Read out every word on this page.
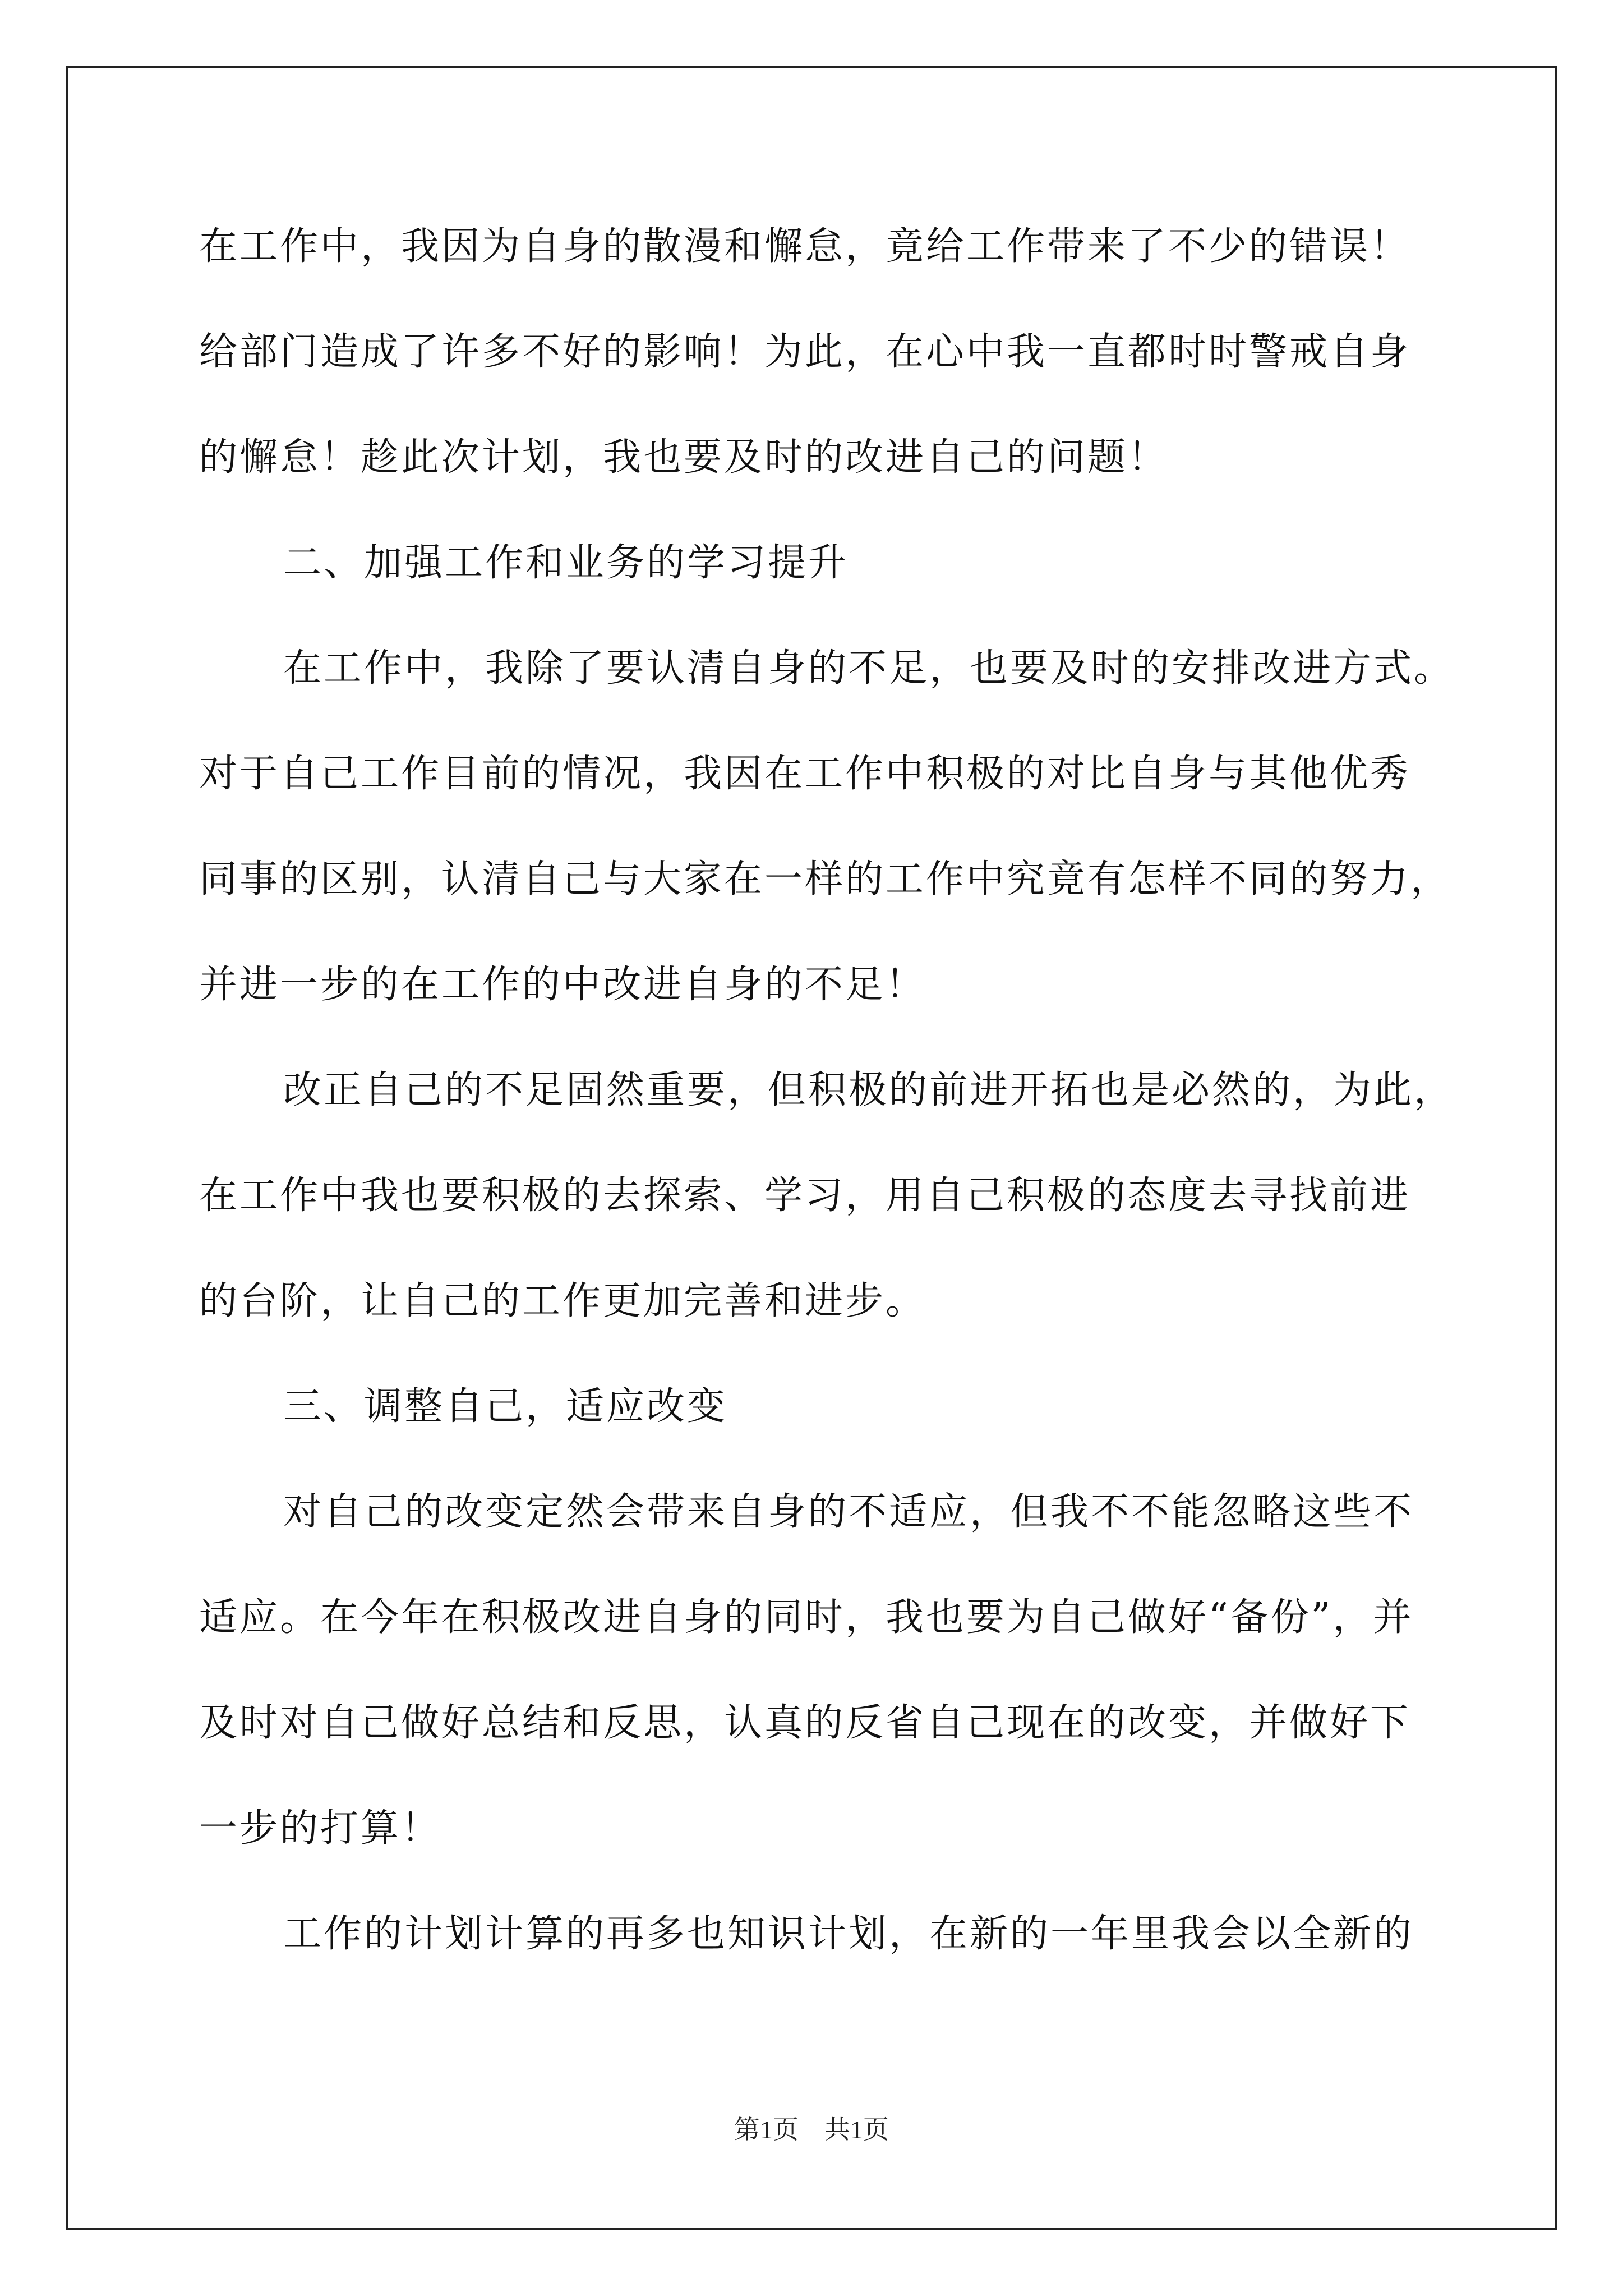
在工作中，我因为自身的散漫和懈怠，竟给工作带来了不少的错误！
给部门造成了许多不好的影响！为此，在心中我一直都时时警戒自身
的懈怠！趁此次计划，我也要及时的改进自己的问题！
二、加强工作和业务的学习提升
在工作中，我除了要认清自身的不足，也要及时的安排改进方式。
对于自己工作目前的情况，我因在工作中积极的对比自身与其他优秀
同事的区别，认清自己与大家在一样的工作中究竟有怎样不同的努力，
并进一步的在工作的中改进自身的不足！
改正自己的不足固然重要，但积极的前进开拓也是必然的，为此，
在工作中我也要积极的去探索、学习，用自己积极的态度去寻找前进
的台阶，让自己的工作更加完善和进步。
三、调整自己，适应改变
对自己的改变定然会带来自身的不适应，但我不不能忽略这些不
适应。在今年在积极改进自身的同时，我也要为自己做好“备份”，并
及时对自己做好总结和反思，认真的反省自己现在的改变，并做好下
一步的打算！
工作的计划计算的再多也知识计划，在新的一年里我会以全新的
第1页 共1页
